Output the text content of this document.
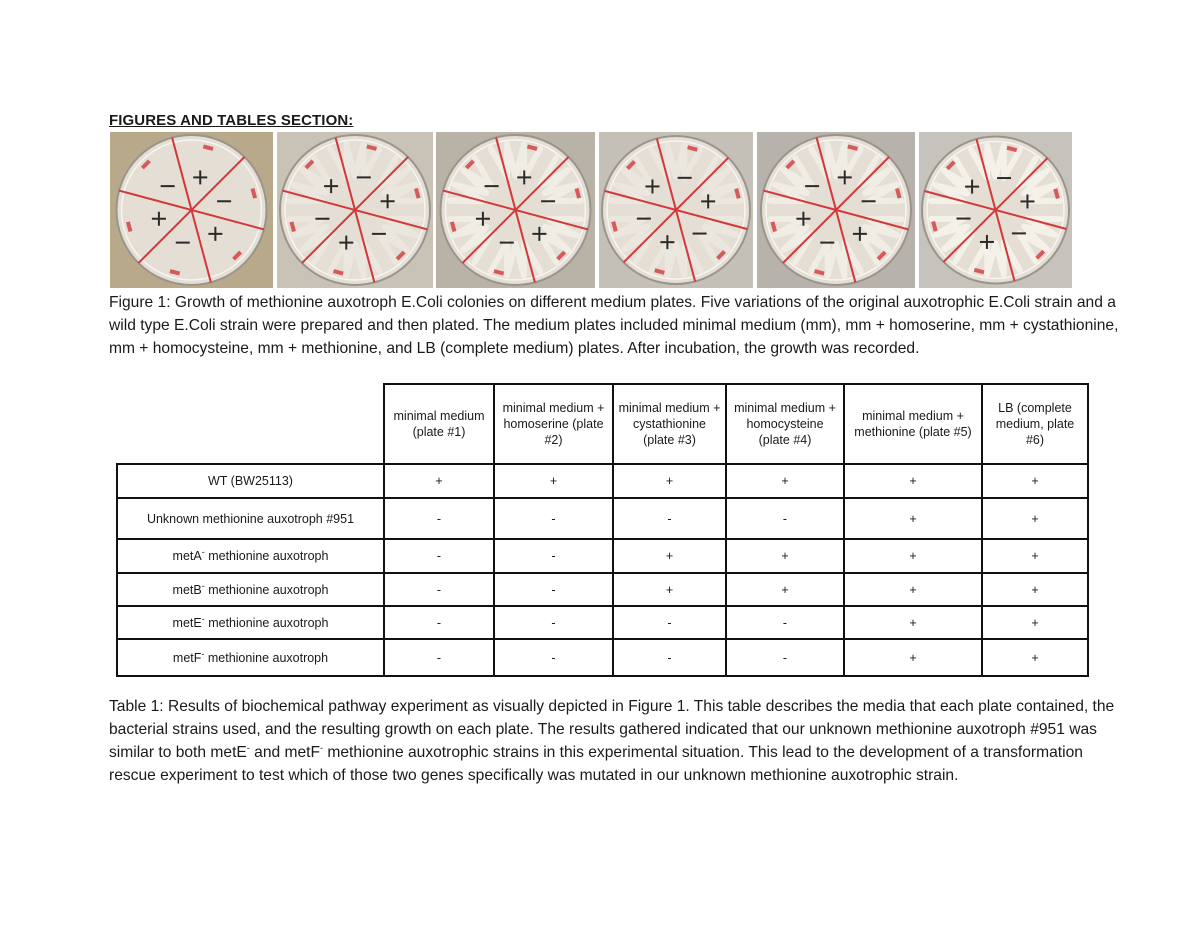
FIGURES AND TABLES SECTION:
Figure 1: Growth of methionine auxotroph E.Coli colonies on different medium plates. Five variations of the original auxotrophic E.Coli strain and a wild type E.Coli strain were prepared and then plated. The medium plates included minimal medium (mm), mm + homoserine, mm + cystathionine, mm + homocysteine, mm + methionine, and LB (complete medium) plates. After incubation, the growth was recorded.
	minimal medium (plate #1)	minimal medium + homoserine (plate #2)	minimal medium + cystathionine (plate #3)	minimal medium + homocysteine (plate #4)	minimal medium + methionine (plate #5)	LB (complete medium, plate #6)
WT (BW25113)	+	+	+	+	+	+
Unknown methionine auxotroph #951	-	-	-	-	+	+
metA- methionine auxotroph	-	-	+	+	+	+
metB- methionine auxotroph	-	-	+	+	+	+
metE- methionine auxotroph	-	-	-	-	+	+
metF- methionine auxotroph	-	-	-	-	+	+
Table 1: Results of biochemical pathway experiment as visually depicted in Figure 1. This table describes the media that each plate contained, the bacterial strains used, and the resulting growth on each plate. The results gathered indicated that our unknown methionine auxotroph #951 was similar to both metE- and metF- methionine auxotrophic strains in this experimental situation. This lead to the development of a transformation rescue experiment to test which of those two genes specifically was mutated in our unknown methionine auxotrophic strain.
